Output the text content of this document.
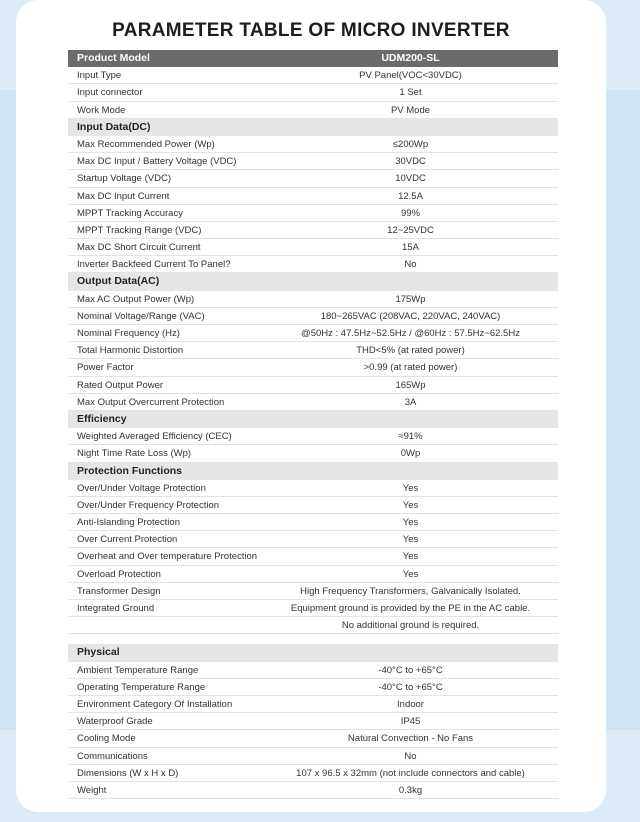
PARAMETER TABLE OF MICRO INVERTER
Product Model	UDM200-SL
Input Type	PV Panel(VOC<30VDC)
Input connector	1 Set
Work Mode	PV Mode
Input Data(DC)
Max Recommended Power (Wp)	≤200Wp
Max DC Input / Battery Voltage (VDC)	30VDC
Startup Voltage (VDC)	10VDC
Max DC Input Current	12.5A
MPPT Tracking Accuracy	99%
MPPT Tracking Range (VDC)	12~25VDC
Max DC Short Circuit Current	15A
Inverter Backfeed Current To Panel?	No
Output Data(AC)
Max AC Output Power (Wp)	175Wp
Nominal Voltage/Range (VAC)	180~265VAC (208VAC, 220VAC, 240VAC)
Nominal Frequency (Hz)	@50Hz : 47.5Hz~52.5Hz / @60Hz : 57.5Hz~62.5Hz
Total Harmonic Distortion	THD<5% (at rated power)
Power Factor	>0.99 (at rated power)
Rated Output Power	165Wp
Max Output Overcurrent Protection	3A
Efficiency
Weighted Averaged Efficiency (CEC)	≈91%
Night Time Rate Loss (Wp)	0Wp
Protection Functions
Over/Under Voltage Protection	Yes
Over/Under Frequency Protection	Yes
Anti-Islanding Protection	Yes
Over Current Protection	Yes
Overheat and Over temperature Protection	Yes
Overload Protection	Yes
Transformer Design	High Frequency Transformers, Galvanically Isolated.
Integrated Ground	Equipment ground is provided by the PE in the AC cable.
No additional ground is required.
Physical
Ambient Temperature Range	-40°C to +65°C
Operating Temperature Range	-40°C to +65°C
Environment Category Of Installation	Indoor
Waterproof Grade	IP45
Cooling Mode	Natural Convection - No Fans
Communications	No
Dimensions (W x H x D)	107 x 96.5 x 32mm (not include connectors and cable)
Weight	0.3kg
